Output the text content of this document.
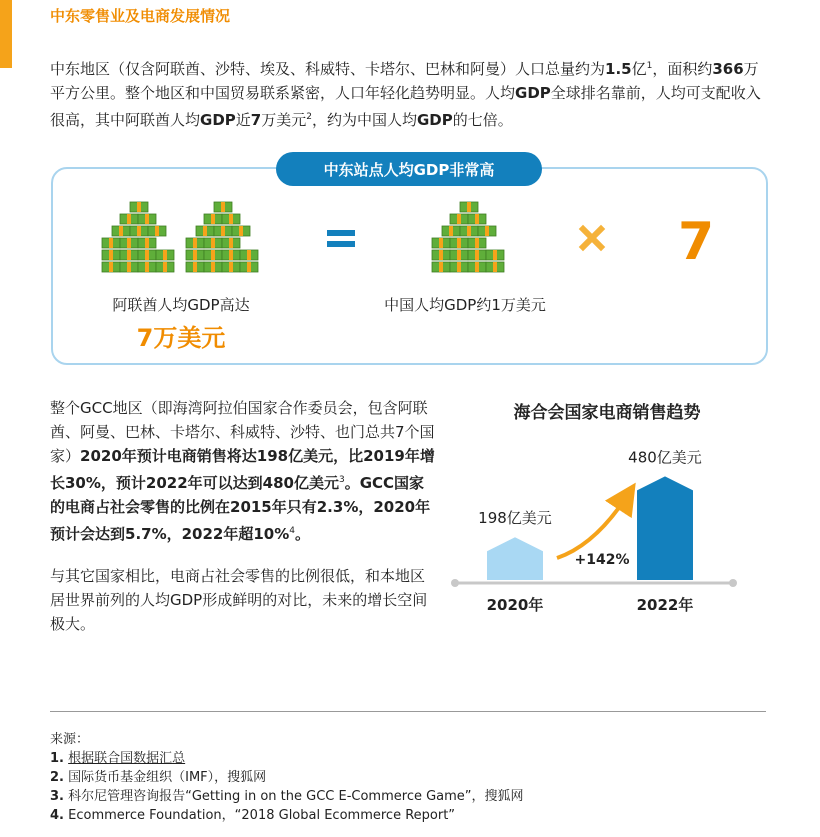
中东零售业及电商发展情况
中东地区（仅含阿联酋、沙特、埃及、科威特、卡塔尔、巴林和阿曼）人口总量约为1.5亿$^1$，面积约366万平方公里。整个地区和中国贸易联系紧密，人口年轻化趋势明显。人均GDP全球排名靠前，人均可支配收入很高，其中阿联酋人均GDP近7万美元$^2$，约为中国人均GDP的七倍。
中东站点人均GDP非常高
阿联酋人均GDP高达
7万美元
中国人均GDP约1万美元
7
整个GCC地区（即海湾阿拉伯国家合作委员会，包含阿联酋、阿曼、巴林、卡塔尔、科威特、沙特、也门总共7个国家）2020年预计电商销售将达198亿美元，比2019年增长30%，预计2022年可以达到480亿美元$^3$。GCC国家的电商占社会零售的比例在2015年只有2.3%，2020年预计会达到5.7%，2022年超10%$^4$。
与其它国家相比，电商占社会零售的比例很低，和本地区居世界前列的人均GDP形成鲜明的对比，未来的增长空间极大。
海合会国家电商销售趋势
198亿美元
480亿美元
2020年	2022年
+142%
来源：
1. 根据联合国数据汇总
2. 国际货币基金组织（IMF），搜狐网
3. 科尔尼管理咨询报告“Getting in on the GCC E-Commerce Game”，搜狐网
4. Ecommerce Foundation，“2018 Global Ecommerce Report”
